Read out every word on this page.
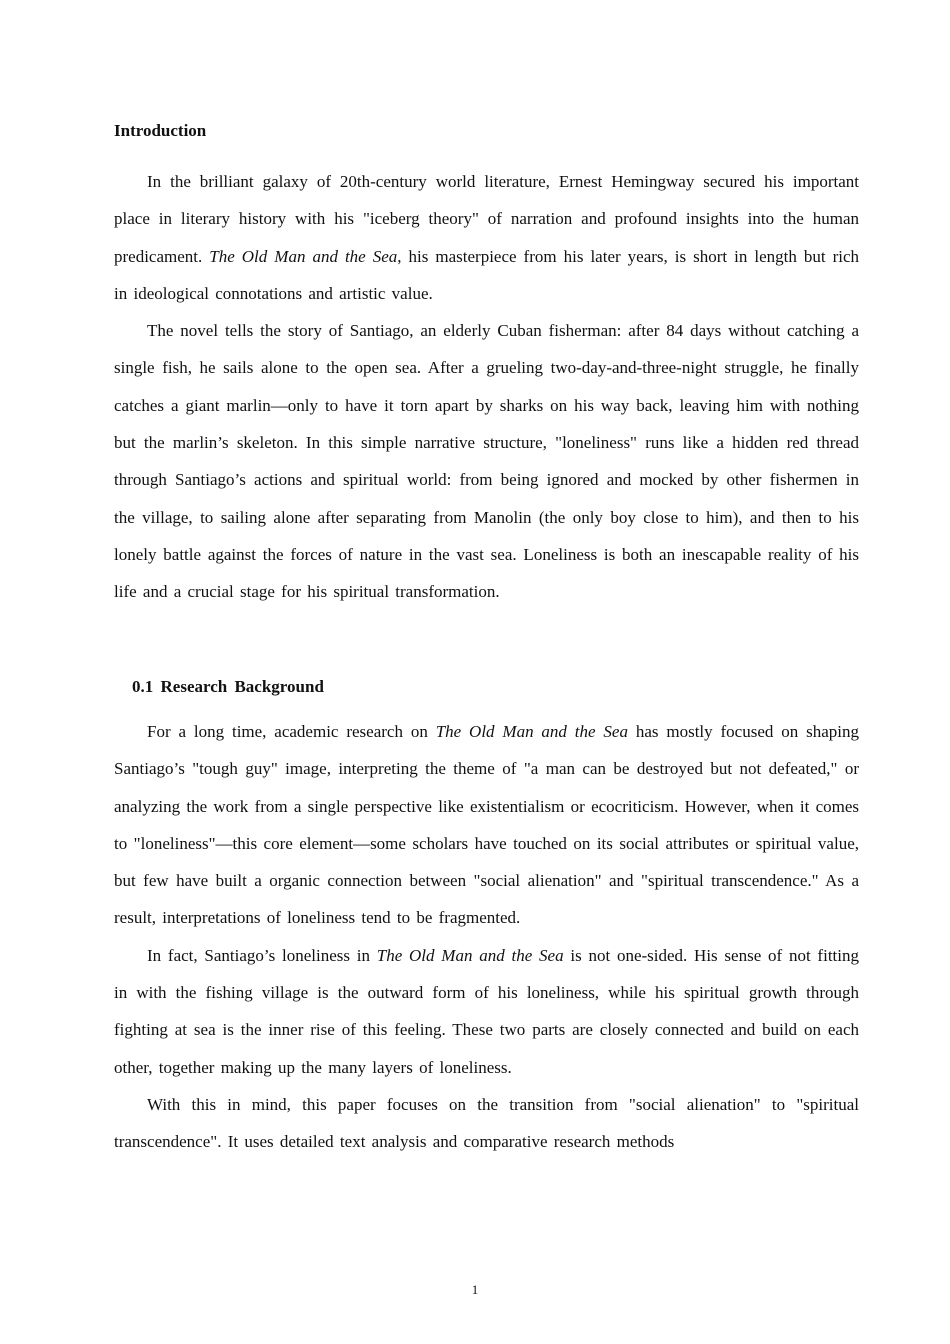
Introduction

In the brilliant galaxy of 20th-century world literature, Ernest Hemingway secured his important place in literary history with his "iceberg theory" of narration and profound insights into the human predicament. The Old Man and the Sea, his masterpiece from his later years, is short in length but rich in ideological connotations and artistic value.

The novel tells the story of Santiago, an elderly Cuban fisherman: after 84 days without catching a single fish, he sails alone to the open sea. After a grueling two-day-and-three-night struggle, he finally catches a giant marlin—only to have it torn apart by sharks on his way back, leaving him with nothing but the marlin’s skeleton. In this simple narrative structure, "loneliness" runs like a hidden red thread through Santiago’s actions and spiritual world: from being ignored and mocked by other fishermen in the village, to sailing alone after separating from Manolin (the only boy close to him), and then to his lonely battle against the forces of nature in the vast sea. Loneliness is both an inescapable reality of his life and a crucial stage for his spiritual transformation.

0.1 Research Background

For a long time, academic research on The Old Man and the Sea has mostly focused on shaping Santiago’s "tough guy" image, interpreting the theme of "a man can be destroyed but not defeated," or analyzing the work from a single perspective like existentialism or ecocriticism. However, when it comes to "loneliness"—this core element—some scholars have touched on its social attributes or spiritual value, but few have built a organic connection between "social alienation" and "spiritual transcendence." As a result, interpretations of loneliness tend to be fragmented.

In fact, Santiago’s loneliness in The Old Man and the Sea is not one-sided. His sense of not fitting in with the fishing village is the outward form of his loneliness, while his spiritual growth through fighting at sea is the inner rise of this feeling. These two parts are closely connected and build on each other, together making up the many layers of loneliness.

With this in mind, this paper focuses on the transition from "social alienation" to "spiritual transcendence". It uses detailed text analysis and comparative research methods

1
